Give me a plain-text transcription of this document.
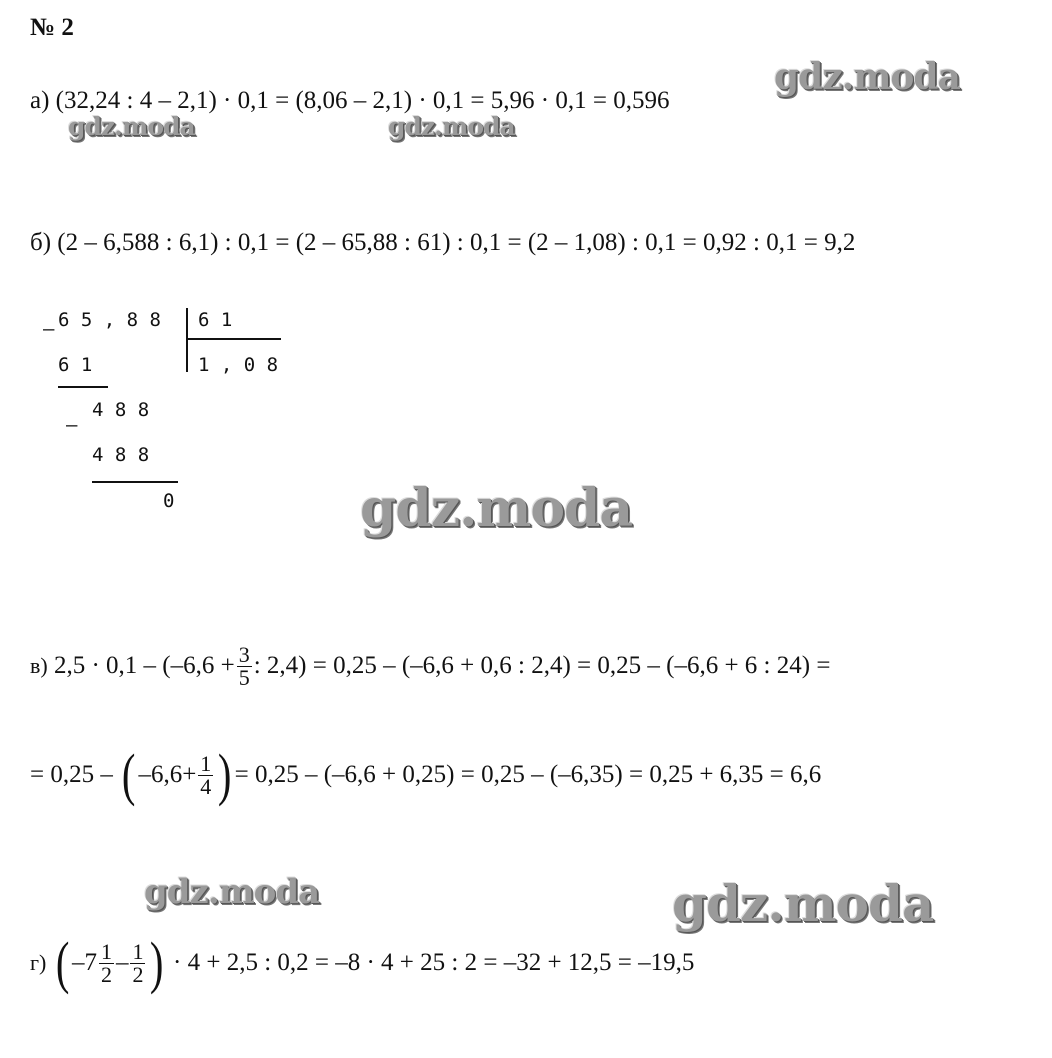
№ 2
а) (32,24 : 4 – 2,1) · 0,1 = (8,06 – 2,1) · 0,1 = 5,96 · 0,1 = 0,596
б) (2 – 6,588 : 6,1) : 0,1 = (2 – 65,88 : 61) : 0,1 = (2 – 1,08) : 0,1 = 0,92 : 0,1 = 9,2
– 6 5 , 8 8 6 1
1 , 0 8
6 1
–
4 8 8
4 8 8
0
в)
$2,5 \cdot 0,1 - (-6,6 + \frac{3}{5}$ : 2,4) = 0,25 – (–6,6 + 0,6 : 2,4) = 0,25 – (–6,6 + 6 : 24) =
= 0,25 –
( $-6,6+ \frac{1}{4}$ ) = 0,25 – (–6,6 + 0,25) = 0,25 – (–6,35) = 0,25 + 6,35 = 6,6
г)
( $-7 \frac{1}{2} - \frac{1}{2}$ )
· 4 + 2,5 : 0,2 = –8 · 4 + 25 : 2 = –32 + 12,5 = –19,5
gdz.moda
gdz.moda	gdz.moda
gdz.moda
gdz.moda	gdz.moda
